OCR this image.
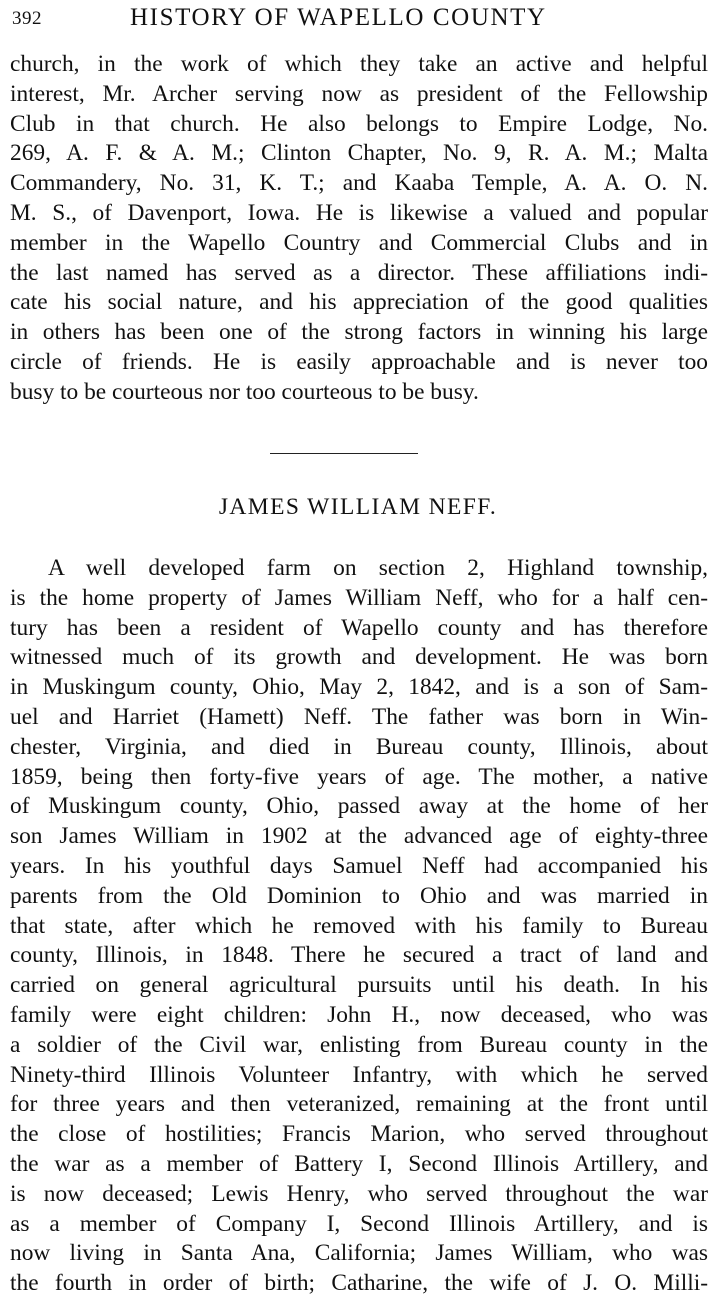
392	HISTORY OF WAPELLO COUNTY
church, in the work of which they take an active and helpful
interest, Mr. Archer serving now as president of the Fellowship
Club in that church. He also belongs to Empire Lodge, No.
269, A. F. & A. M.; Clinton Chapter, No. 9, R. A. M.; Malta
Commandery, No. 31, K. T.; and Kaaba Temple, A. A. O. N.
M. S., of Davenport, Iowa. He is likewise a valued and popular
member in the Wapello Country and Commercial Clubs and in
the last named has served as a director. These affiliations indi-
cate his social nature, and his appreciation of the good qualities
in others has been one of the strong factors in winning his large
circle of friends. He is easily approachable and is never too
busy to be courteous nor too courteous to be busy.
JAMES WILLIAM NEFF.
A well developed farm on section 2, Highland township,
is the home property of James William Neff, who for a half cen-
tury has been a resident of Wapello county and has therefore
witnessed much of its growth and development. He was born
in Muskingum county, Ohio, May 2, 1842, and is a son of Sam-
uel and Harriet (Hamett) Neff. The father was born in Win-
chester, Virginia, and died in Bureau county, Illinois, about
1859, being then forty-five years of age. The mother, a native
of Muskingum county, Ohio, passed away at the home of her
son James William in 1902 at the advanced age of eighty-three
years. In his youthful days Samuel Neff had accompanied his
parents from the Old Dominion to Ohio and was married in
that state, after which he removed with his family to Bureau
county, Illinois, in 1848. There he secured a tract of land and
carried on general agricultural pursuits until his death. In his
family were eight children: John H., now deceased, who was
a soldier of the Civil war, enlisting from Bureau county in the
Ninety-third Illinois Volunteer Infantry, with which he served
for three years and then veteranized, remaining at the front until
the close of hostilities; Francis Marion, who served throughout
the war as a member of Battery I, Second Illinois Artillery, and
is now deceased; Lewis Henry, who served throughout the war
as a member of Company I, Second Illinois Artillery, and is
now living in Santa Ana, California; James William, who was
the fourth in order of birth; Catharine, the wife of J. O. Milli-
